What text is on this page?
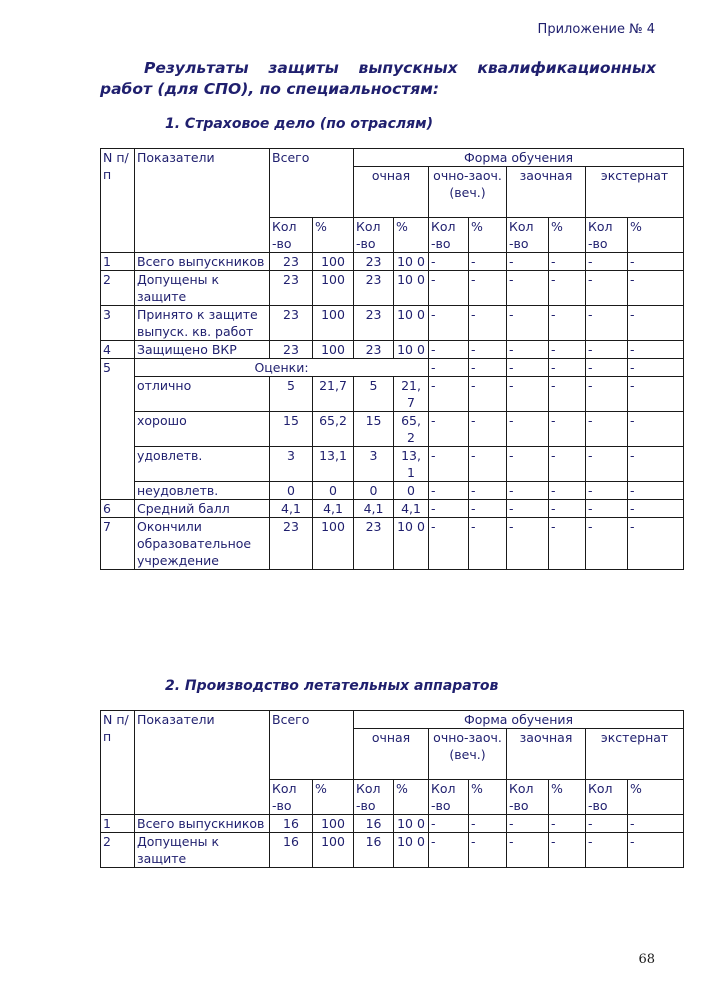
Приложение № 4
Результаты защиты выпускных квалификационных работ (для СПО), по специальностям:
1. Страховое дело (по отраслям)
N п/п	Показатели	Всего		Форма обучения							
				очная		очно-заоч. (веч.)		заочная		экстернат	

		Кол -во	%	Кол -во	%	Кол -во	%	Кол -во	%	Кол -во	%
1	Всего выпускников	23	100	23	10 0	-	-	-	-	-	-
2	Допущены к защите	23	100	23	10 0	-	-	-	-	-	-
3	Принято к защите выпуск. кв. работ	23	100	23	10 0	-	-	-	-	-	-
4	Защищено ВКР	23	100	23	10 0	-	-	-	-	-	-
5	Оценки:					-	-	-	-	-	-
	отлично	5	21,7	5	21, 7	-	-	-	-	-	-
	хорошо	15	65,2	15	65, 2	-	-	-	-	-	-
	удовлетв.	3	13,1	3	13, 1	-	-	-	-	-	-
	неудовлетв.	0	0	0	0	-	-	-	-	-	-
6	Средний балл	4,1	4,1	4,1	4,1	-	-	-	-	-	-
7	Окончили образовательное учреждение	23	100	23	10 0	-	-	-	-	-	-
2. Производство летательных аппаратов
N п/п	Показатели	Всего		Форма обучения							
				очная		очно-заоч. (веч.)		заочная		экстернат	

		Кол -во	%	Кол -во	%	Кол -во	%	Кол -во	%	Кол -во	%
1	Всего выпускников	16	100	16	10 0	-	-	-	-	-	-
2	Допущены к защите	16	100	16	10 0	-	-	-	-	-	-
68
